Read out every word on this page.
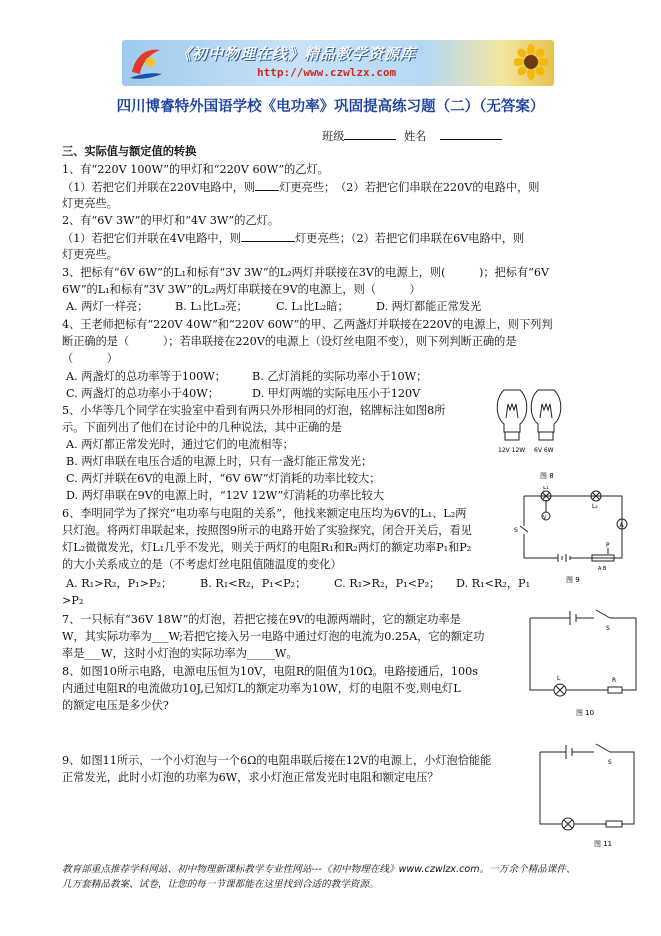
《初中物理在线》精品教学资源库
http://www.czwlzx.com
四川博睿特外国语学校《电功率》巩固提高练习题（二）（无答案）
班级	姓名
三、实际值与额定值的转换
1、有“220V 100W”的甲灯和“220V 60W”的乙灯。
（1）若把它们并联在220V电路中，则 灯更亮些；　（2）若把它们串联在220V的电路中，则
灯更亮些。
2、有“6V 3W”的甲灯和“4V 3W”的乙灯。
（1）若把它们并联在4V电路中，则	灯更亮些；（2）若把它们串联在6V电路中，则
灯更亮些。
3、把标有“6V 6W”的L₁和标有“3V 3W”的L₂两灯并联接在3V的电源上，则(　　　)；把标有“6V
6W”的L₁和标有“3V 3W”的L₂两灯串联接在9V的电源上，则（　　　）
A. 两灯一样亮； B. L₁比L₂亮；	C. L₁比L₂暗； D. 两灯都能正常发光
4、王老师把标有“220V 40W”和“220V 60W”的甲、乙两盏灯并联接在220V的电源上，则下列判
断正确的是（　　　）；若串联接在220V的电源上（设灯丝电阻不变），则下列判断正确的是
（　　　）
A. 两盏灯的总功率等于100W； B. 乙灯消耗的实际功率小于10W；
C. 两盏灯的总功率小于40W；	D. 甲灯两端的实际电压小于120V
5、小华等几个同学在实验室中看到有两只外形相同的灯泡，铭牌标注如图8所
示。下面列出了他们在讨论中的几种说法，其中正确的是
A. 两灯都正常发光时，通过它们的电流相等；
B. 两灯串联在电压合适的电源上时，只有一盏灯能正常发光；
C. 两灯并联在6V的电源上时，“6V 6W”灯消耗的功率比较大；
D. 两灯串联在9V的电源上时，“12V 12W”灯消耗的功率比较大
6、李明同学为了探究“电功率与电阻的关系”，他找来额定电压均为6V的L₁、L₂两
只灯泡。将两灯串联起来，按照图9所示的电路开始了实验探究，闭合开关后，看见
灯L₂微微发光，灯L₁几乎不发光，则关于两灯的电阻R₁和R₂两灯的额定功率P₁和P₂
的大小关系成立的是（不考虑灯丝电阻值随温度的变化）
A. R₁>R₂，P₁>P₂； B. R₁<R₂，P₁<P₂； C. R₁>R₂，P₁<P₂； D. R₁<R₂，P₁
>P₂
7、一只标有“36V 18W”的灯泡，若把它接在9V的电源两端时，它的额定功率是
W，其实际功率为___W;若把它接入另一电路中通过灯泡的电流为0.25A，它的额定功
率是___W，这时小灯泡的实际功率为_____W。
8、如图10所示电路，电源电压恒为10V，电阻R的阻值为10Ω。电路接通后，100s
内通过电阻R的电流做功10J,已知灯L的额定功率为10W，灯的电阻不变,则电灯L
的额定电压是多少伏?
9、如图11所示，一个小灯泡与一个6Ω的电阻串联后接在12V的电源上，小灯泡恰能能
正常发光，此时小灯泡的功率为6W，求小灯泡正常发光时电阻和额定电压？
12V 12W 6V 6W
图 8
L₁
L₂
V
A
S
P
A B
图 9
S
L	R
图 10
S
图 11
教育部重点推荐学科网站、初中物理新课标教学专业性网站---《初中物理在线》www.czwlzx.com。一万余个精品课件、
几万套精品教案、试卷，让您的每一节课都能在这里找到合适的教学资源。
